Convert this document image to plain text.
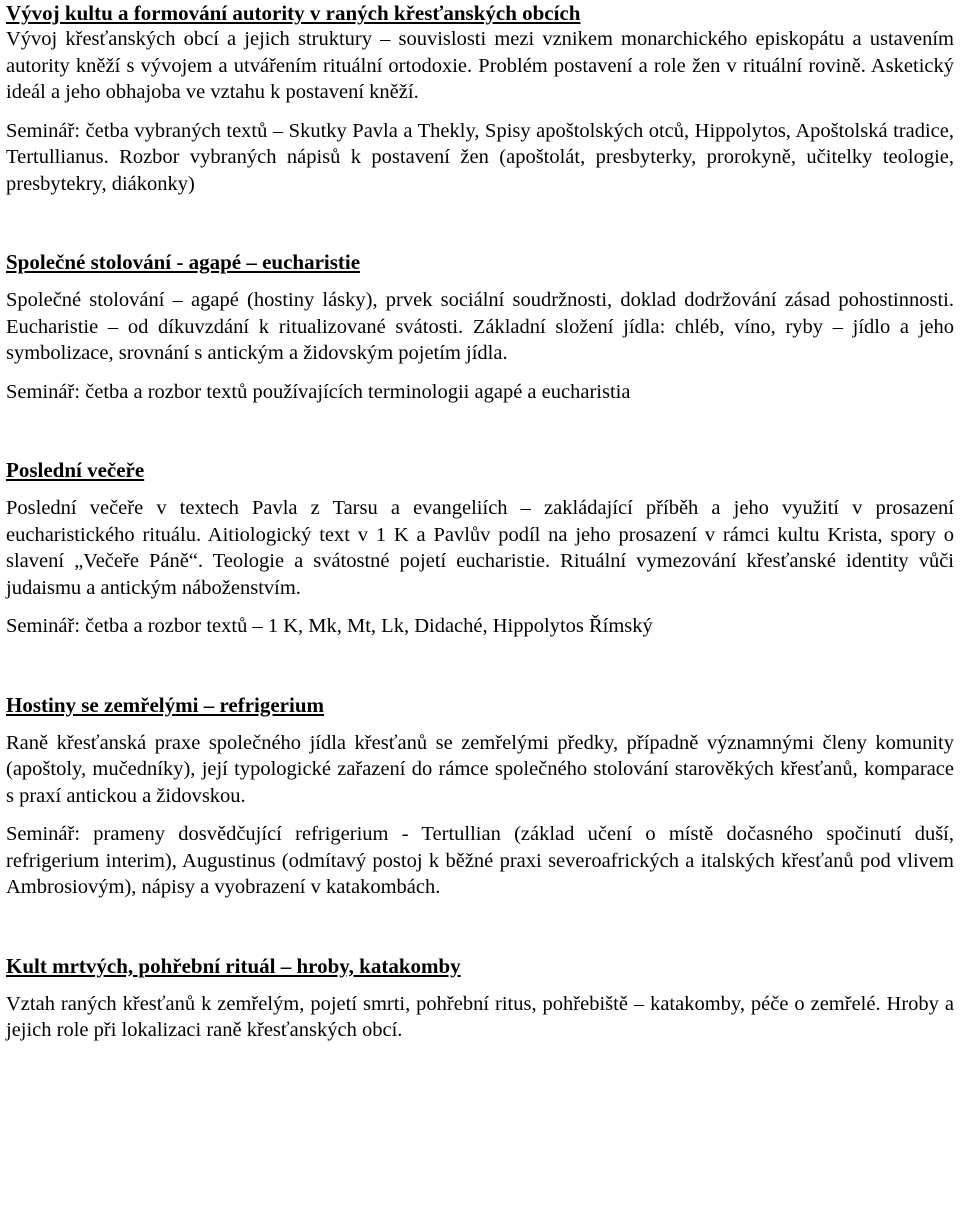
Vývoj kultu a formování autority v raných křesťanských obcích

Vývoj křesťanských obcí a jejich struktury – souvislosti mezi vznikem monarchického episkopátu a ustavením autority kněží s vývojem a utvářením rituální ortodoxie. Problém postavení a role žen v rituální rovině. Asketický ideál a jeho obhajoba ve vztahu k postavení kněží.

Seminář: četba vybraných textů – Skutky Pavla a Thekly, Spisy apoštolských otců, Hippolytos, Apoštolská tradice, Tertullianus. Rozbor vybraných nápisů k postavení žen (apoštolát, presbyterky, prorokyně, učitelky teologie, presbytekry, diákonky)

Společné stolování - agapé – eucharistie

Společné stolování – agapé (hostiny lásky), prvek sociální soudržnosti, doklad dodržování zásad pohostinnosti. Eucharistie – od díkuvzdání k ritualizované svátosti. Základní složení jídla: chléb, víno, ryby – jídlo a jeho symbolizace, srovnání s antickým a židovským pojetím jídla.

Seminář: četba a rozbor textů používajících terminologii agapé a eucharistia

Poslední večeře

Poslední večeře v textech Pavla z Tarsu a evangeliích – zakládající příběh a jeho využití v prosazení eucharistického rituálu. Aitiologický text v 1 K a Pavlův podíl na jeho prosazení v rámci kultu Krista, spory o slavení „Večeře Páně“. Teologie a svátostné pojetí eucharistie. Rituální vymezování křesťanské identity vůči judaismu a antickým náboženstvím.

Seminář: četba a rozbor textů – 1 K, Mk, Mt, Lk, Didaché, Hippolytos Římský

Hostiny se zemřelými – refrigerium

Raně křesťanská praxe společného jídla křesťanů se zemřelými předky, případně významnými členy komunity (apoštoly, mučedníky), její typologické zařazení do rámce společného stolování starověkých křesťanů, komparace s praxí antickou a židovskou.

Seminář: prameny dosvědčující refrigerium - Tertullian (základ učení o místě dočasného spočinutí duší, refrigerium interim), Augustinus (odmítavý postoj k běžné praxi severoafrických a italských křesťanů pod vlivem Ambrosiovým), nápisy a vyobrazení v katakombách.

Kult mrtvých, pohřební rituál – hroby, katakomby

Vztah raných křesťanů k zemřelým, pojetí smrti, pohřební ritus, pohřebiště – katakomby, péče o zemřelé. Hroby a jejich role při lokalizaci raně křesťanských obcí.
